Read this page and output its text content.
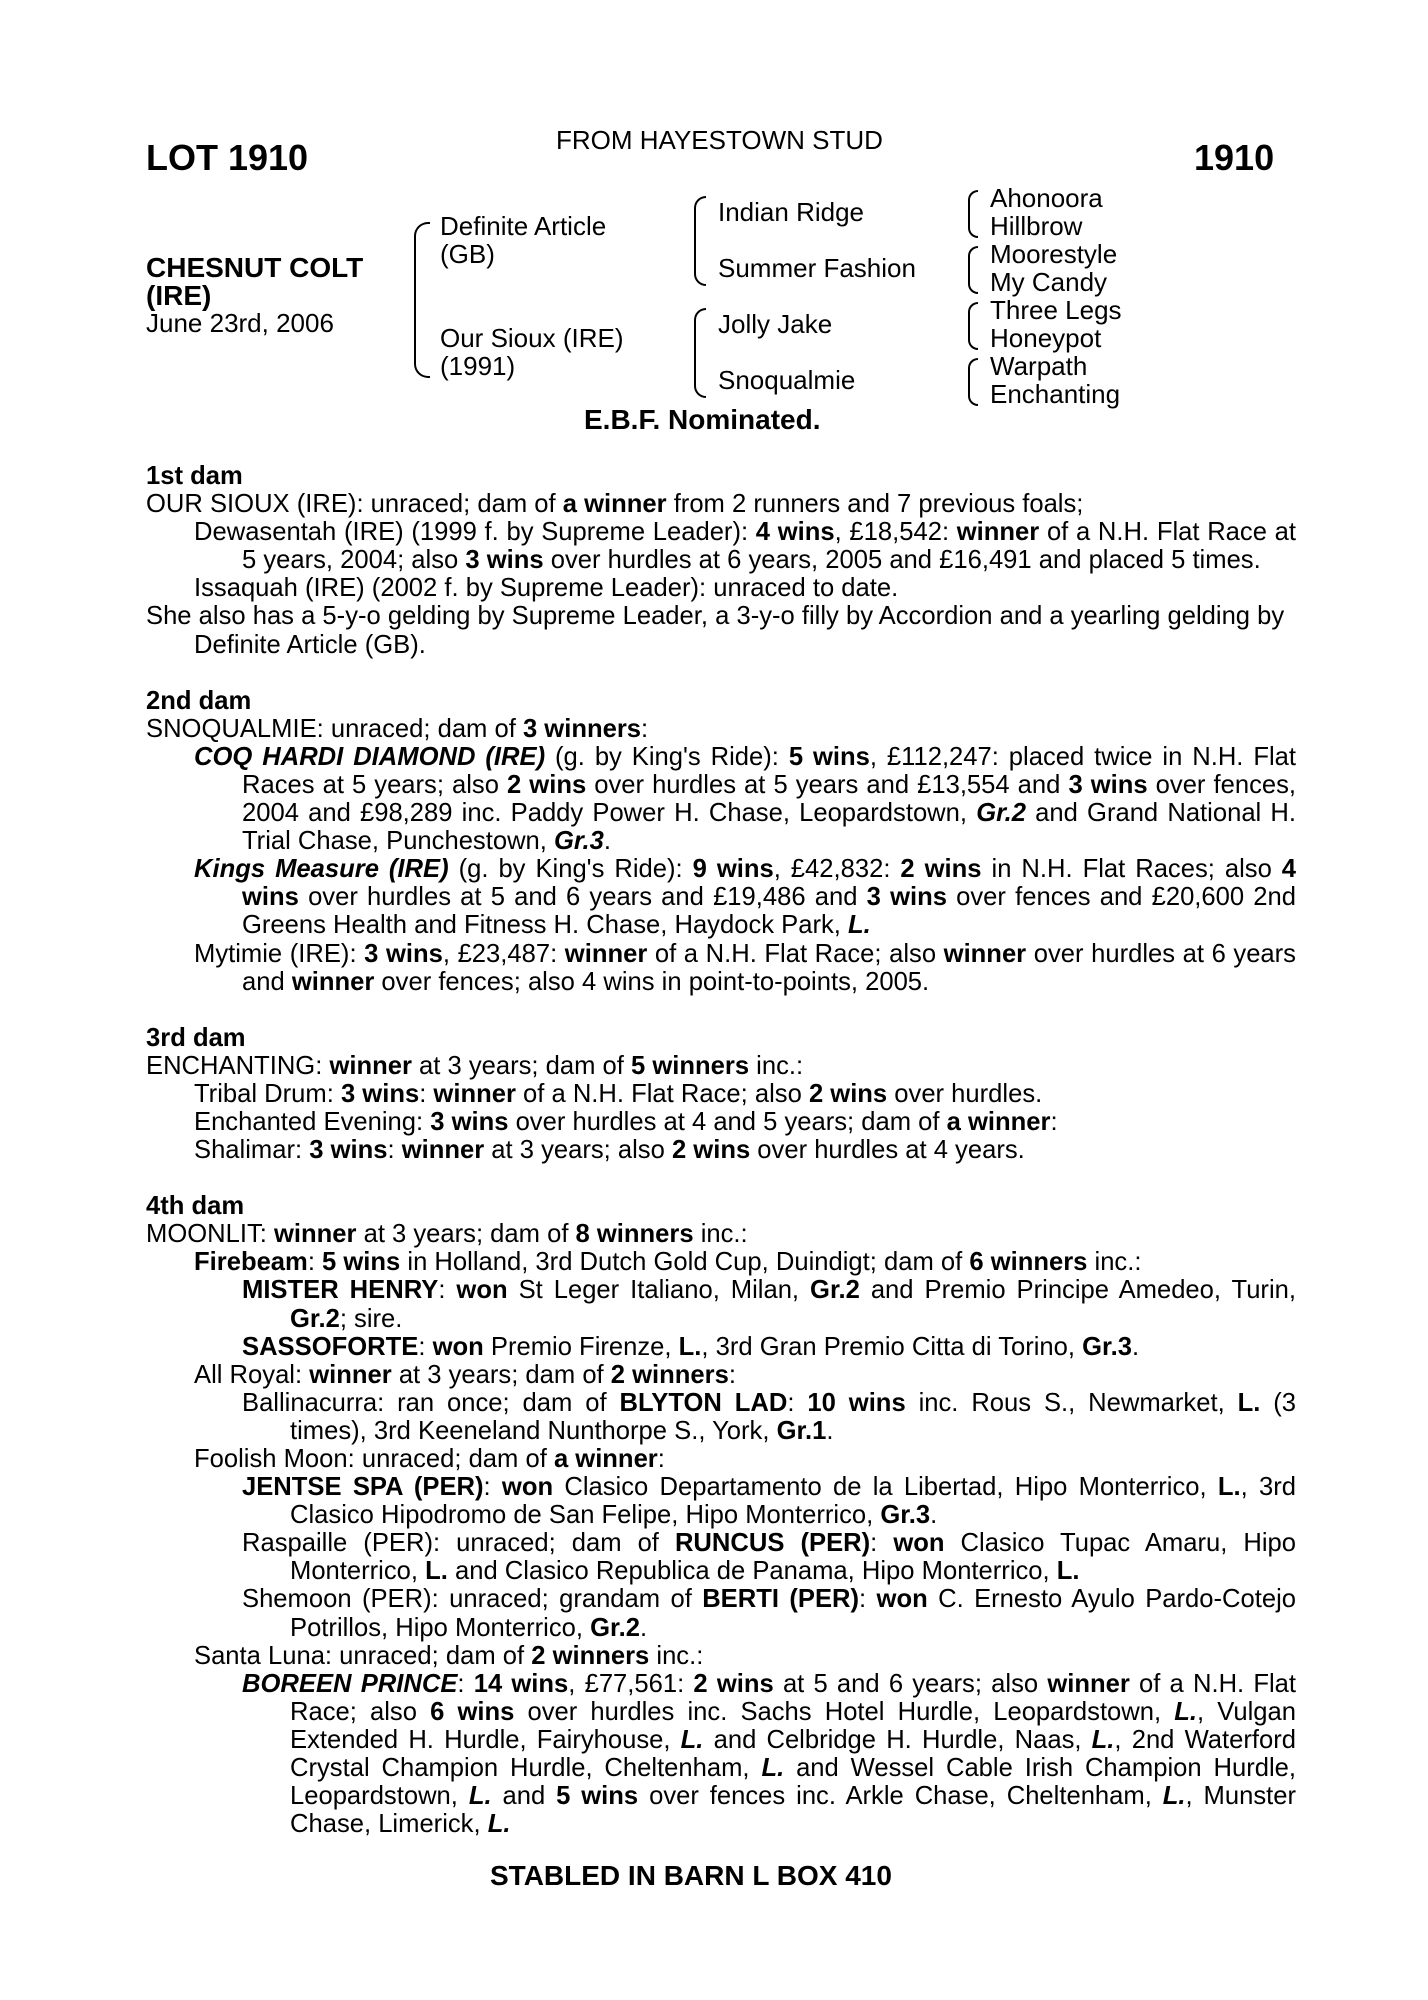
LOT 1910	FROM HAYESTOWN STUD	1910
CHESNUT COLT
(IRE)
June 23rd, 2006
Definite Article
(GB)
Our Sioux (IRE)
(1991)
Indian Ridge
Summer Fashion
Jolly Jake
Snoqualmie
Ahonoora
Hillbrow
Moorestyle
My Candy
Three Legs
Honeypot
Warpath
Enchanting
E.B.F. Nominated.

1st dam

OUR SIOUX (IRE): unraced; dam of a winner from 2 runners and 7 previous foals;

Dewasentah (IRE) (1999 f. by Supreme Leader): 4 wins, £18,542: winner of a N.H. Flat Race at 5 years, 2004; also 3 wins over hurdles at 6 years, 2005 and £16,491 and placed 5 times.

Issaquah (IRE) (2002 f. by Supreme Leader): unraced to date.

She also has a 5-y-o gelding by Supreme Leader, a 3-y-o filly by Accordion and a yearling gelding by Definite Article (GB).

2nd dam

SNOQUALMIE: unraced; dam of 3 winners:

COQ HARDI DIAMOND (IRE) (g. by King's Ride): 5 wins, £112,247: placed twice in N.H. Flat Races at 5 years; also 2 wins over hurdles at 5 years and £13,554 and 3 wins over fences, 2004 and £98,289 inc. Paddy Power H. Chase, Leopardstown, Gr.2 and Grand National H. Trial Chase, Punchestown, Gr.3.

Kings Measure (IRE) (g. by King's Ride): 9 wins, £42,832: 2 wins in N.H. Flat Races; also 4 wins over hurdles at 5 and 6 years and £19,486 and 3 wins over fences and £20,600 2nd Greens Health and Fitness H. Chase, Haydock Park, L.

Mytimie (IRE): 3 wins, £23,487: winner of a N.H. Flat Race; also winner over hurdles at 6 years and winner over fences; also 4 wins in point-to-points, 2005.

3rd dam

ENCHANTING: winner at 3 years; dam of 5 winners inc.:

Tribal Drum: 3 wins: winner of a N.H. Flat Race; also 2 wins over hurdles.

Enchanted Evening: 3 wins over hurdles at 4 and 5 years; dam of a winner:

Shalimar: 3 wins: winner at 3 years; also 2 wins over hurdles at 4 years.

4th dam

MOONLIT: winner at 3 years; dam of 8 winners inc.:

Firebeam: 5 wins in Holland, 3rd Dutch Gold Cup, Duindigt; dam of 6 winners inc.:

MISTER HENRY: won St Leger Italiano, Milan, Gr.2 and Premio Principe Amedeo, Turin, Gr.2; sire.

SASSOFORTE: won Premio Firenze, L., 3rd Gran Premio Citta di Torino, Gr.3.

All Royal: winner at 3 years; dam of 2 winners:

Ballinacurra: ran once; dam of BLYTON LAD: 10 wins inc. Rous S., Newmarket, L. (3 times), 3rd Keeneland Nunthorpe S., York, Gr.1.

Foolish Moon: unraced; dam of a winner:

JENTSE SPA (PER): won Clasico Departamento de la Libertad, Hipo Monterrico, L., 3rd Clasico Hipodromo de San Felipe, Hipo Monterrico, Gr.3.

Raspaille (PER): unraced; dam of RUNCUS (PER): won Clasico Tupac Amaru, Hipo Monterrico, L. and Clasico Republica de Panama, Hipo Monterrico, L.

Shemoon (PER): unraced; grandam of BERTI (PER): won C. Ernesto Ayulo Pardo-Cotejo Potrillos, Hipo Monterrico, Gr.2.

Santa Luna: unraced; dam of 2 winners inc.:

BOREEN PRINCE: 14 wins, £77,561: 2 wins at 5 and 6 years; also winner of a N.H. Flat Race; also 6 wins over hurdles inc. Sachs Hotel Hurdle, Leopardstown, L., Vulgan Extended H. Hurdle, Fairyhouse, L. and Celbridge H. Hurdle, Naas, L., 2nd Waterford Crystal Champion Hurdle, Cheltenham, L. and Wessel Cable Irish Champion Hurdle, Leopardstown, L. and 5 wins over fences inc. Arkle Chase, Cheltenham, L., Munster Chase, Limerick, L.

STABLED IN BARN L BOX 410
